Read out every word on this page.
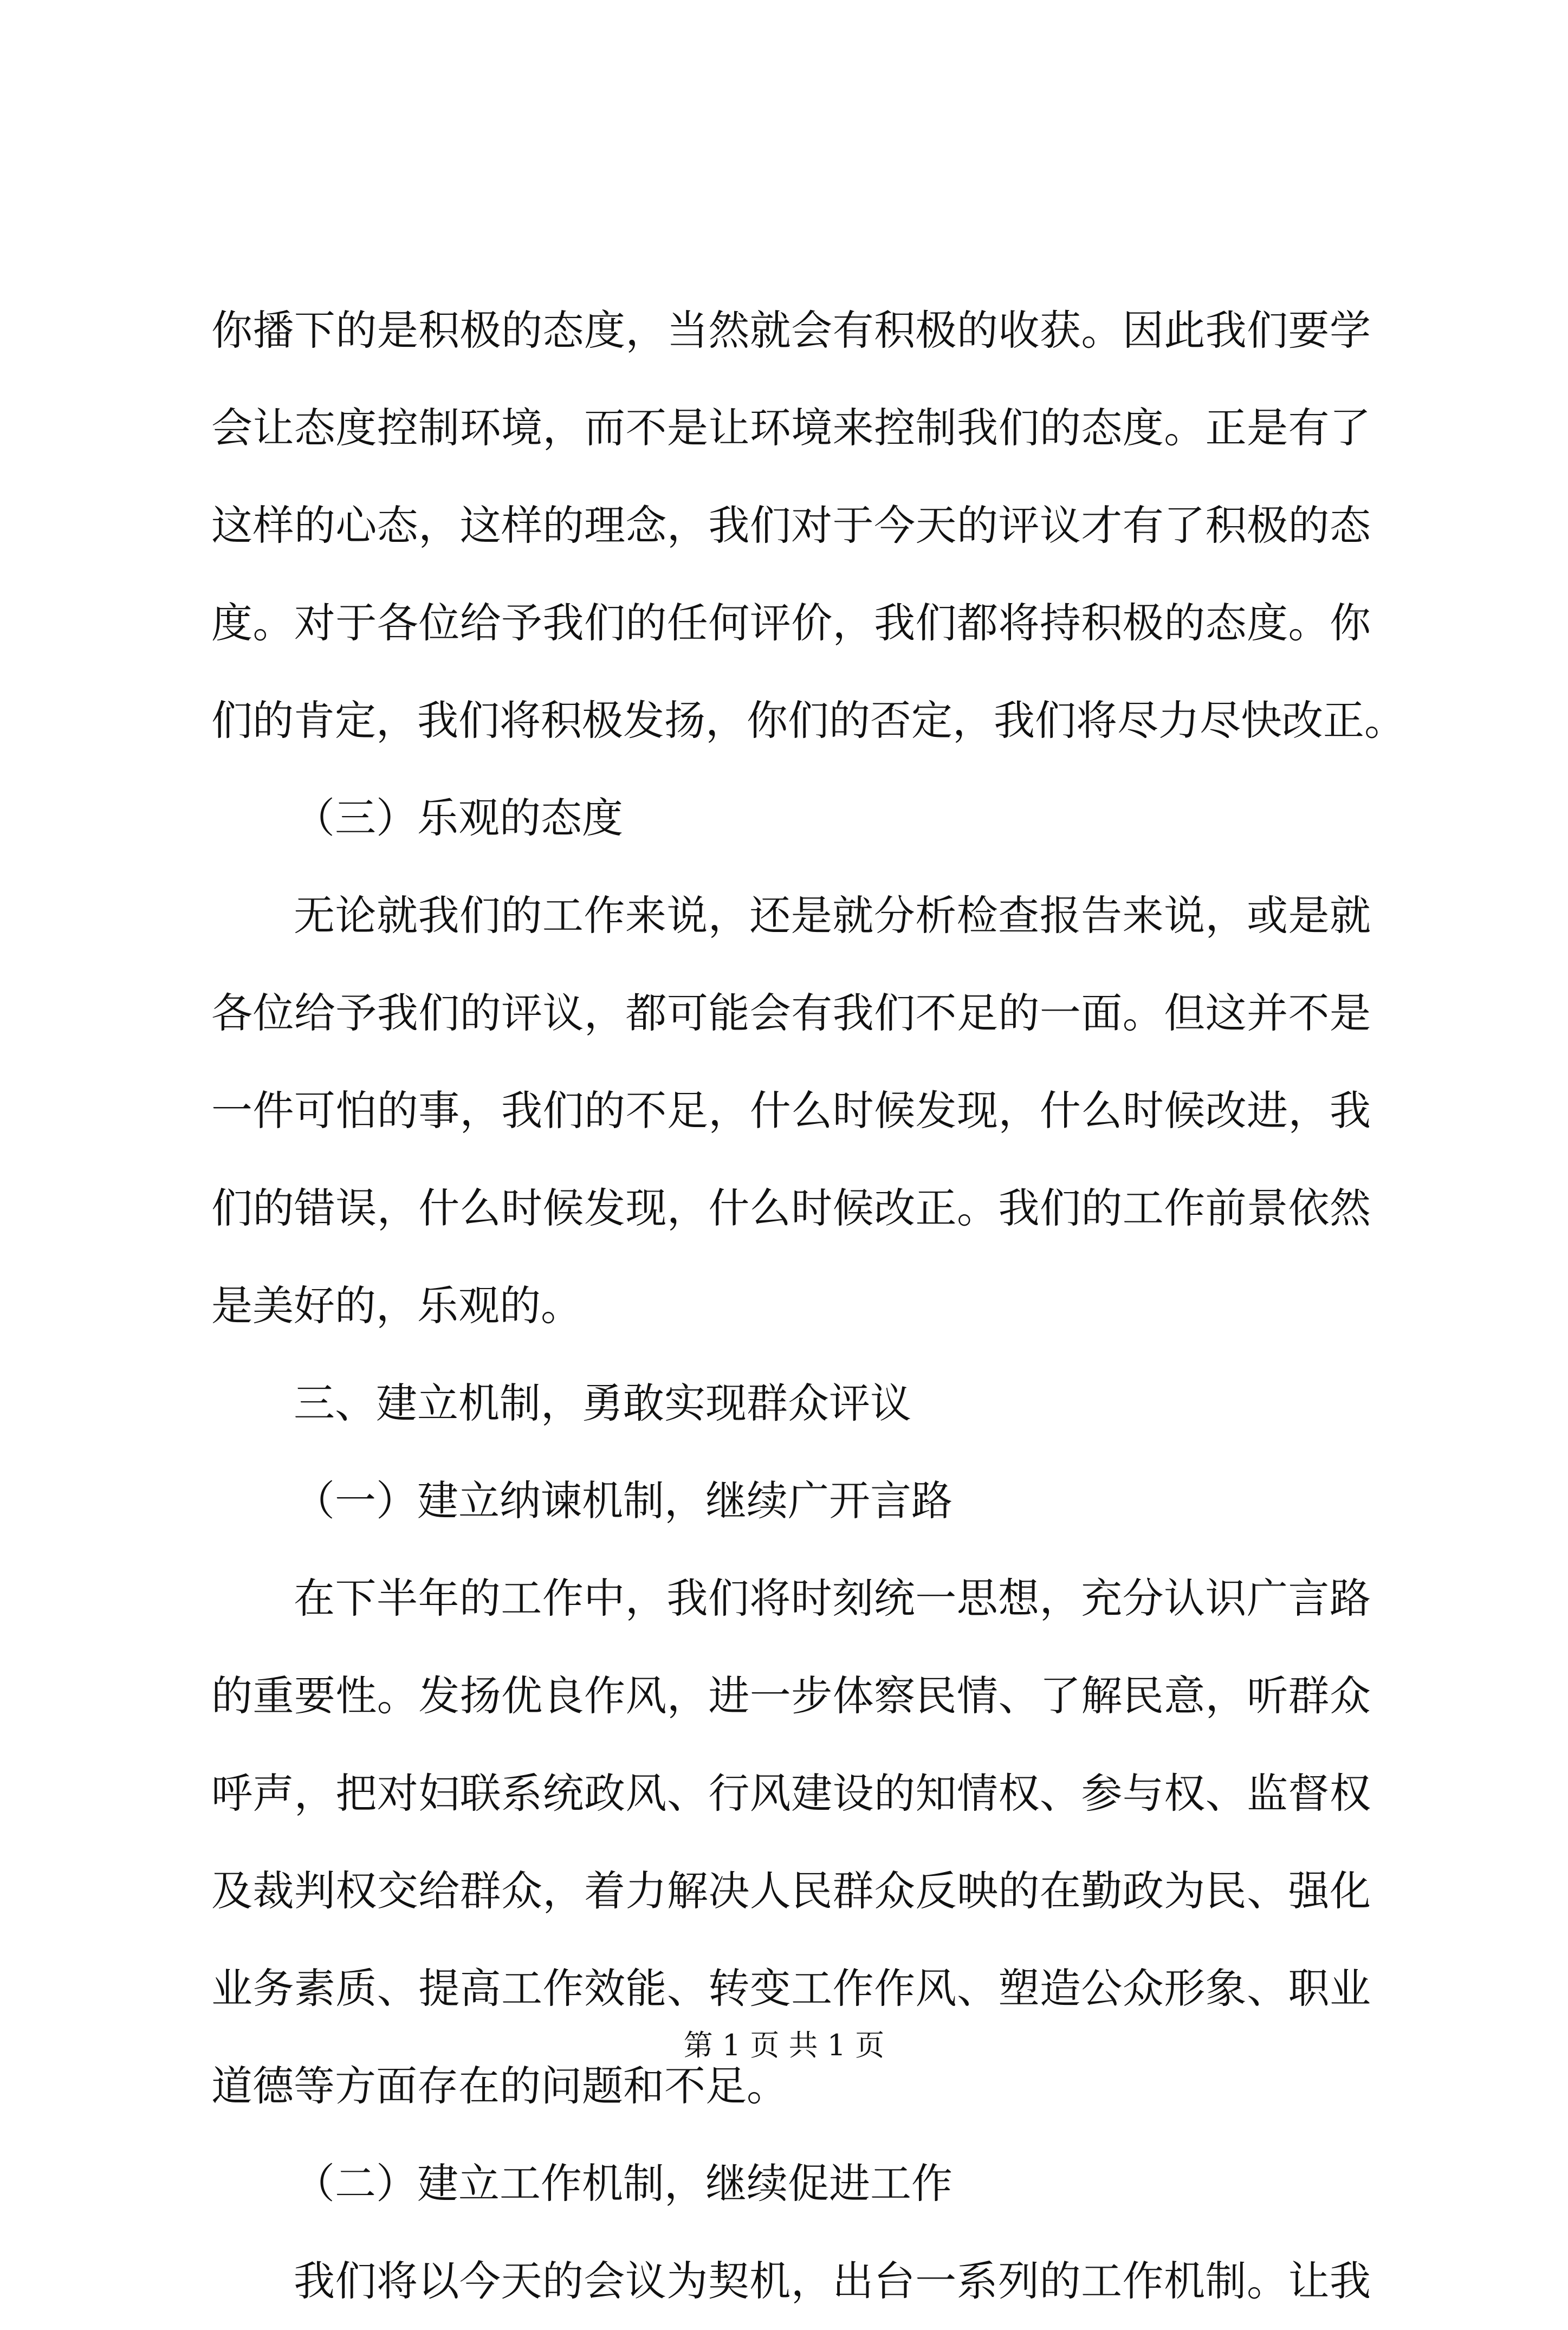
你播下的是积极的态度，当然就会有积极的收获。因此我们要学
会让态度控制环境，而不是让环境来控制我们的态度。正是有了
这样的心态，这样的理念，我们对于今天的评议才有了积极的态
度。对于各位给予我们的任何评价，我们都将持积极的态度。你
们的肯定，我们将积极发扬，你们的否定，我们将尽力尽快改正。
（三）乐观的态度
无论就我们的工作来说，还是就分析检查报告来说，或是就
各位给予我们的评议，都可能会有我们不足的一面。但这并不是
一件可怕的事，我们的不足，什么时候发现，什么时候改进，我
们的错误，什么时候发现，什么时候改正。我们的工作前景依然
是美好的，乐观的。
三、建立机制，勇敢实现群众评议
（一）建立纳谏机制，继续广开言路
在下半年的工作中，我们将时刻统一思想，充分认识广言路
的重要性。发扬优良作风，进一步体察民情、了解民意，听群众
呼声，把对妇联系统政风、行风建设的知情权、参与权、监督权
及裁判权交给群众，着力解决人民群众反映的在勤政为民、强化
业务素质、提高工作效能、转变工作作风、塑造公众形象、职业
道德等方面存在的问题和不足。
（二）建立工作机制，继续促进工作
我们将以今天的会议为契机，出台一系列的工作机制。让我
第 1 页 共 1 页
